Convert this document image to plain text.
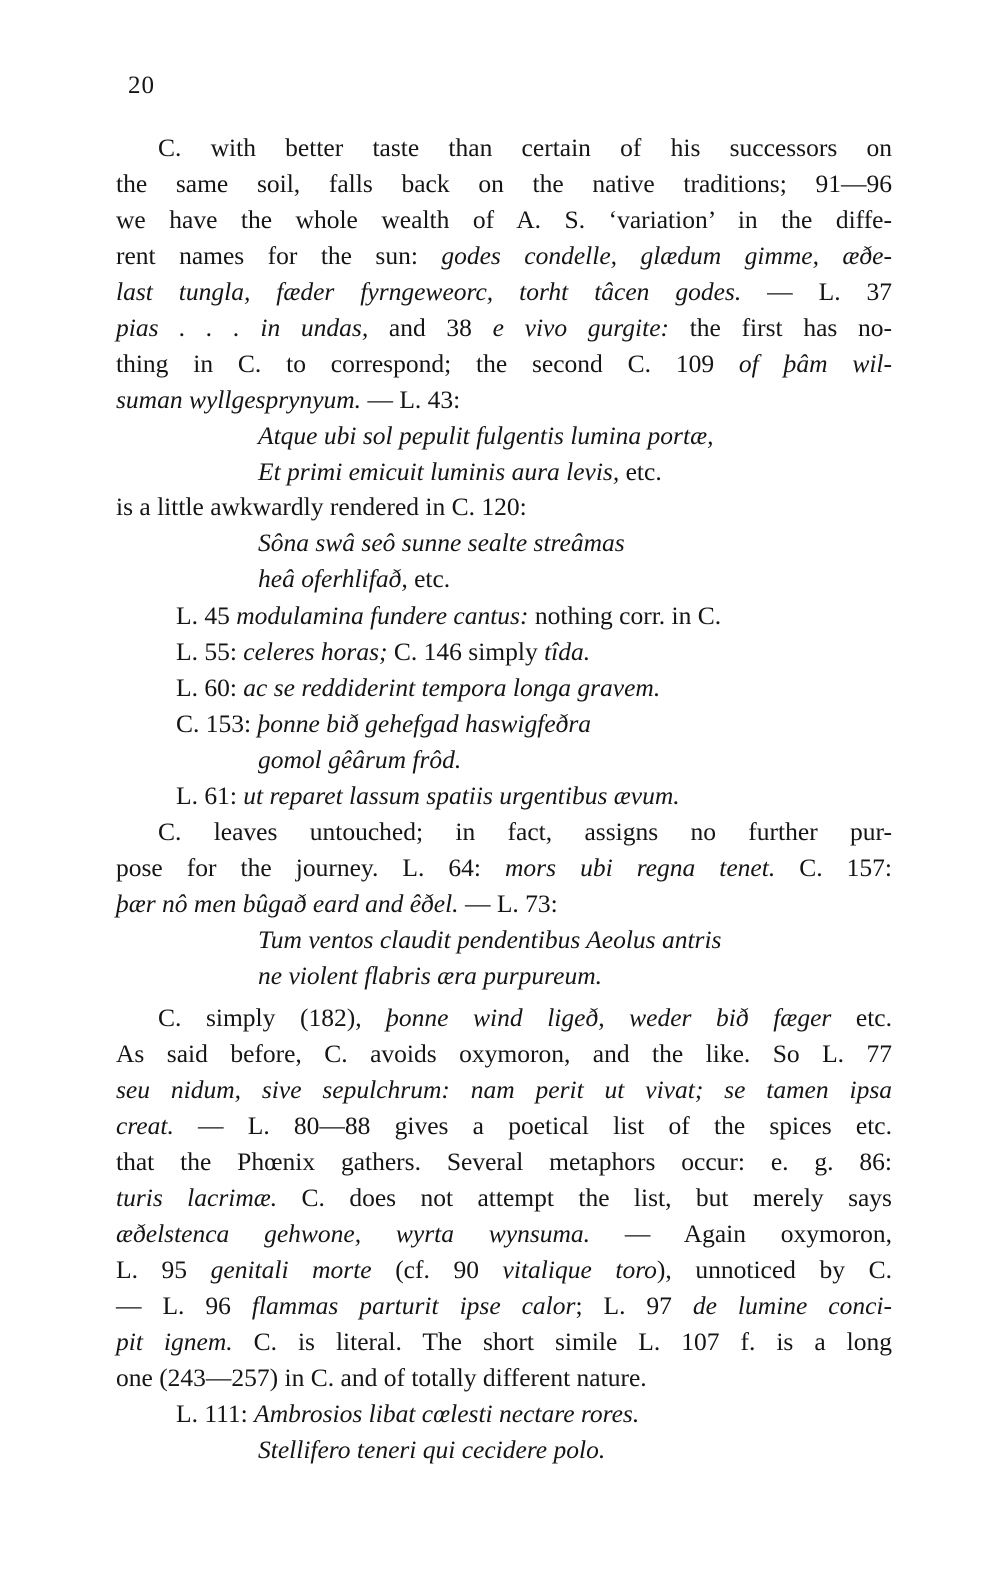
20
C. with better taste than certain of his successors on
the same soil, falls back on the native traditions; 91—96
we have the whole wealth of A. S. ‘variation’ in the diffe-
rent names for the sun: godes condelle, glædum gimme, æðe-
last tungla, fæder fyrngeweorc, torht tâcen godes. — L. 37
pias . . . in undas, and 38 e vivo gurgite: the first has no-
thing in C. to correspond; the second C. 109 of þâm wil-
suman wyllgesprynyum. — L. 43:
Atque ubi sol pepulit fulgentis lumina portæ,
Et primi emicuit luminis aura levis, etc.
is a little awkwardly rendered in C. 120:
Sôna swâ seô sunne sealte streâmas
heâ oferhlifað, etc.
L. 45 modulamina fundere cantus: nothing corr. in C.
L. 55: celeres horas; C. 146 simply tîda.
L. 60: ac se reddiderint tempora longa gravem.
C. 153: þonne bið gehefgad haswigfeðra
gomol gêârum frôd.
L. 61: ut reparet lassum spatiis urgentibus ævum.
C. leaves untouched; in fact, assigns no further pur-
pose for the journey. L. 64: mors ubi regna tenet. C. 157:
þær nô men bûgað eard and êðel. — L. 73:
Tum ventos claudit pendentibus Aeolus antris
ne violent flabris æra purpureum.
C. simply (182), þonne wind ligeð, weder bið fæger etc.
As said before, C. avoids oxymoron, and the like. So L. 77
seu nidum, sive sepulchrum: nam perit ut vivat; se tamen ipsa
creat. — L. 80—88 gives a poetical list of the spices etc.
that the Phœnix gathers. Several metaphors occur: e. g. 86:
turis lacrimæ. C. does not attempt the list, but merely says
æðelstenca gehwone, wyrta wynsuma. — Again oxymoron,
L. 95 genitali morte (cf. 90 vitalique toro), unnoticed by C.
— L. 96 flammas parturit ipse calor; L. 97 de lumine conci-
pit ignem. C. is literal. The short simile L. 107 f. is a long
one (243—257) in C. and of totally different nature.
L. 111: Ambrosios libat cœlesti nectare rores.
Stellifero teneri qui cecidere polo.
